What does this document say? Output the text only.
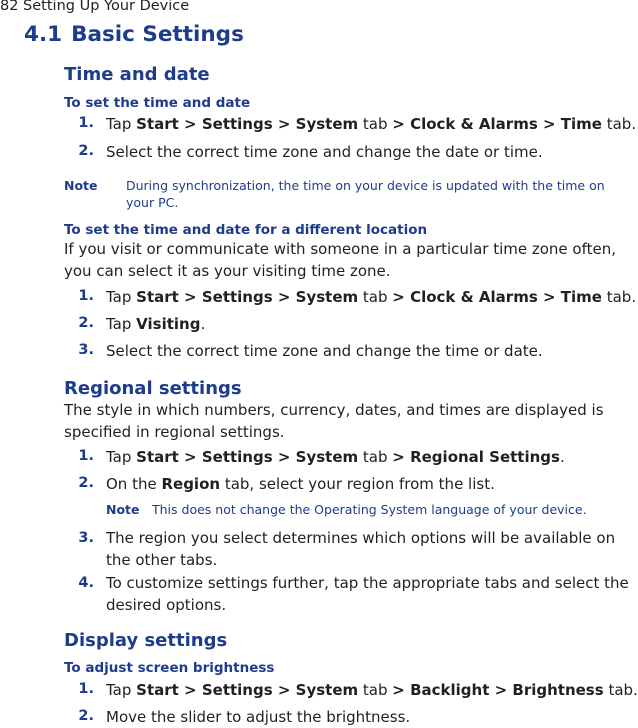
82 Setting Up Your Device
4.1 Basic Settings
Time and date
To set the time and date
1. Tap Start > Settings > System tab > Clock & Alarms > Time tab.
2. Select the correct time zone and change the date or time.
Note During synchronization, the time on your device is updated with the time on
your PC.
To set the time and date for a different location
If you visit or communicate with someone in a particular time zone often,
you can select it as your visiting time zone.
1. Tap Start > Settings > System tab > Clock & Alarms > Time tab.
2. Tap Visiting.
3. Select the correct time zone and change the time or date.
Regional settings
The style in which numbers, currency, dates, and times are displayed is
specified in regional settings.
1. Tap Start > Settings > System tab > Regional Settings.
2. On the Region tab, select your region from the list.
Note This does not change the Operating System language of your device.
3. The region you select determines which options will be available on
the other tabs.
4. To customize settings further, tap the appropriate tabs and select the
desired options.
Display settings
To adjust screen brightness
1. Tap Start > Settings > System tab > Backlight > Brightness tab.
2. Move the slider to adjust the brightness.
